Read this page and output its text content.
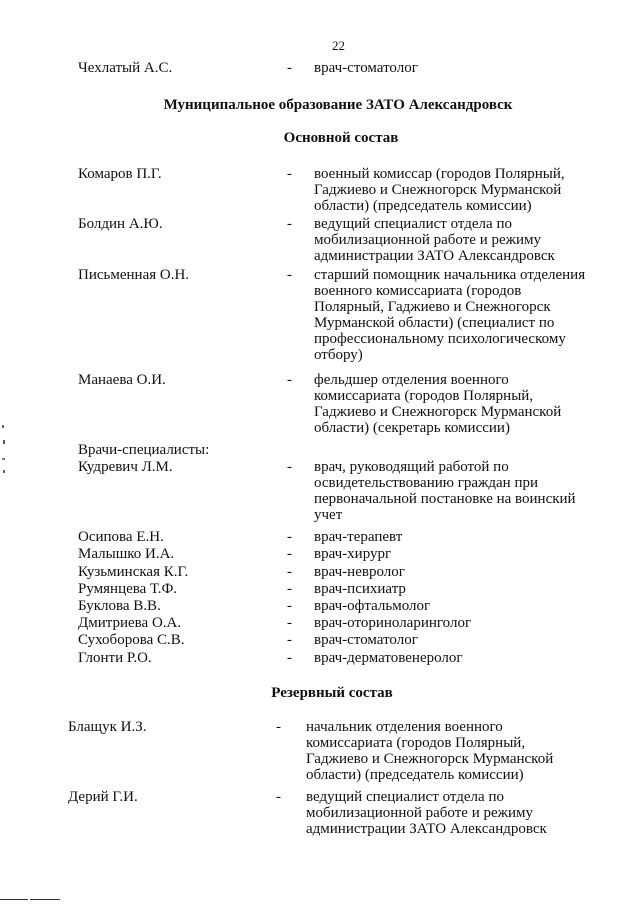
22
Чехлатый А.С.	- врач-стоматолог
Муниципальное образование ЗАТО Александровск
Основной состав
Комаров П.Г.	- военный комиссар (городов Полярный,
Гаджиево и Снежногорск Мурманской
области) (председатель комиссии)
Болдин А.Ю.	- ведущий специалист отдела по
мобилизационной работе и режиму
администрации ЗАТО Александровск
Письменная О.Н.	- старший помощник начальника отделения
военного комиссариата (городов
Полярный, Гаджиево и Снежногорск
Мурманской области) (специалист по
профессиональному психологическому
отбору)
Манаева О.И.	- фельдшер отделения военного
комиссариата (городов Полярный,
Гаджиево и Снежногорск Мурманской
области) (секретарь комиссии)
Врачи-специалисты:
Кудревич Л.М.	- врач, руководящий работой по
освидетельствованию граждан при
первоначальной постановке на воинский
учет
Осипова Е.Н.	- врач-терапевт
Малышко И.А.	- врач-хирург
Кузьминская К.Г.	- врач-невролог
Румянцева Т.Ф.	- врач-психиатр
Буклова В.В.	- врач-офтальмолог
Дмитриева О.А.	- врач-оториноларинголог
Сухоборова С.В.	- врач-стоматолог
Глонти Р.О.	- врач-дерматовенеролог
Резервный состав
Блащук И.З.	- начальник отделения военного
комиссариата (городов Полярный,
Гаджиево и Снежногорск Мурманской
области) (председатель комиссии)
Дерий Г.И.	- ведущий специалист отдела по
мобилизационной работе и режиму
администрации ЗАТО Александровск
